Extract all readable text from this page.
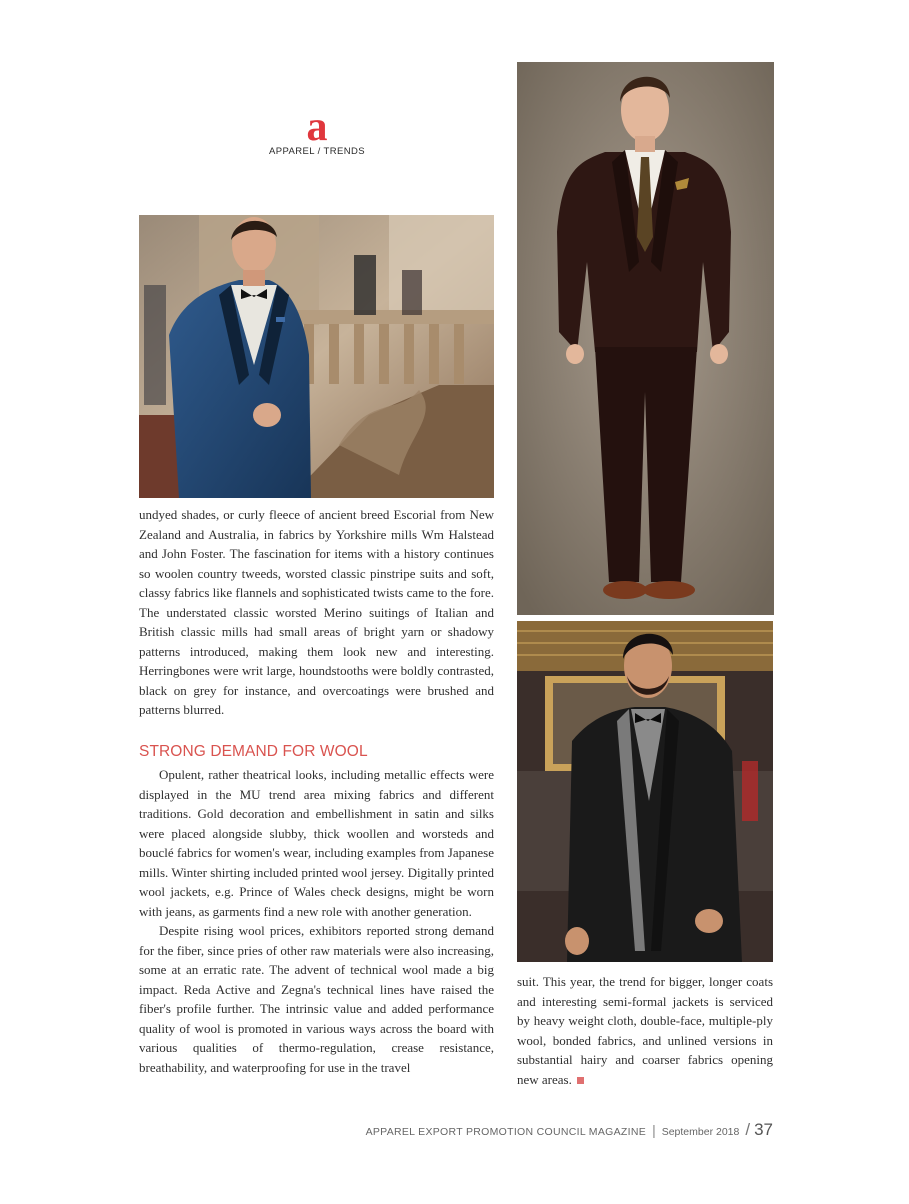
a
APPAREL / TRENDS

undyed shades, or curly fleece of ancient breed Escorial from New Zealand and Australia, in fabrics by Yorkshire mills Wm Halstead and John Foster. The fascination for items with a history continues so woolen country tweeds, worsted classic pinstripe suits and soft, classy fabrics like flannels and sophisticated twists came to the fore. The understated classic worsted Merino suitings of Italian and British classic mills had small areas of bright yarn or shadowy patterns introduced, making them look new and interesting. Herringbones were writ large, houndstooths were boldly contrasted, black on grey for instance, and overcoatings were brushed and patterns blurred.

STRONG DEMAND FOR WOOL

Opulent, rather theatrical looks, including metallic effects were displayed in the MU trend area mixing fabrics and different traditions. Gold decoration and embellishment in satin and silks were placed alongside slubby, thick woollen and worsteds and bouclé fabrics for women's wear, including examples from Japanese mills. Winter shirting included printed wool jersey. Digitally printed wool jackets, e.g. Prince of Wales check designs, might be worn with jeans, as garments find a new role with another generation.

Despite rising wool prices, exhibitors reported strong demand for the fiber, since pries of other raw materials were also increasing, some at an erratic rate. The advent of technical wool made a big impact. Reda Active and Zegna's technical lines have raised the fiber's profile further. The intrinsic value and added performance quality of wool is promoted in various ways across the board with various qualities of thermo-regulation, crease resistance, breathability, and waterproofing for use in the travel

suit. This year, the trend for bigger, longer coats and interesting semi-formal jackets is serviced by heavy weight cloth, double-face, multiple-ply wool, bonded fabrics, and unlined versions in substantial hairy and coarser fabrics opening new areas.

APPAREL EXPORT PROMOTION COUNCIL MAGAZINE | September 2018 / 37
